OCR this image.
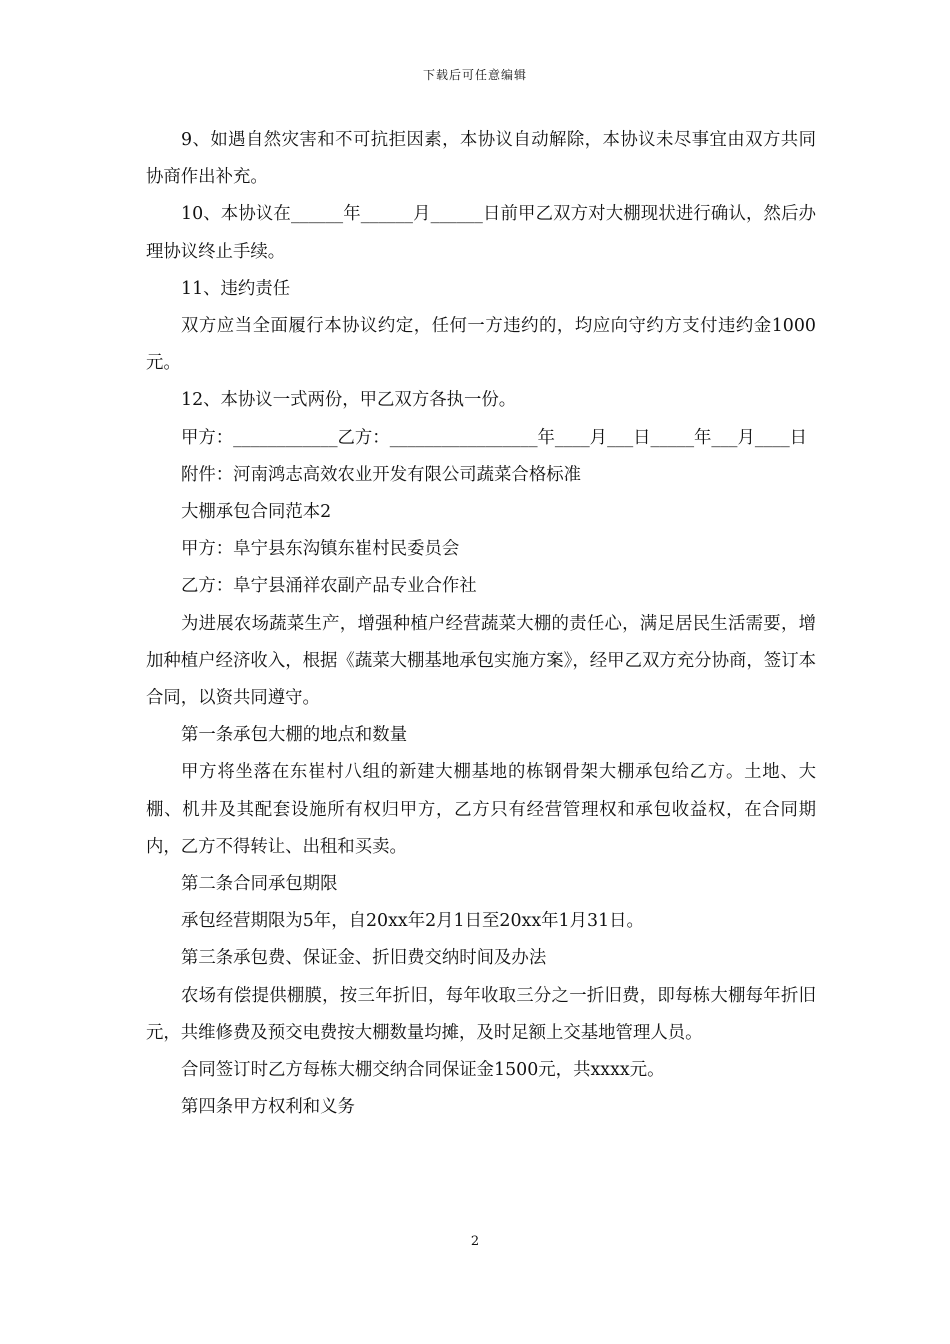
下载后可任意编辑

9、如遇自然灾害和不可抗拒因素，本协议自动解除，本协议未尽事宜由双方共同协商作出补充。

10、本协议在______年______月______日前甲乙双方对大棚现状进行确认，然后办理协议终止手续。

11、违约责任

双方应当全面履行本协议约定，任何一方违约的，均应向守约方支付违约金1000元。

12、本协议一式两份，甲乙双方各执一份。

甲方：____________乙方：_________________年____月___日_____年___月____日

附件：河南鸿志高效农业开发有限公司蔬菜合格标准

大棚承包合同范本2

甲方：阜宁县东沟镇东崔村民委员会

乙方：阜宁县涌祥农副产品专业合作社

为进展农场蔬菜生产，增强种植户经营蔬菜大棚的责任心，满足居民生活需要，增加种植户经济收入，根据《蔬菜大棚基地承包实施方案》，经甲乙双方充分协商，签订本合同，以资共同遵守。

第一条承包大棚的地点和数量

甲方将坐落在东崔村八组的新建大棚基地的栋钢骨架大棚承包给乙方。土地、大棚、机井及其配套设施所有权归甲方，乙方只有经营管理权和承包收益权，在合同期内，乙方不得转让、出租和买卖。

第二条合同承包期限

承包经营期限为5年，自20xx年2月1日至20xx年1月31日。

第三条承包费、保证金、折旧费交纳时间及办法

农场有偿提供棚膜，按三年折旧，每年收取三分之一折旧费，即每栋大棚每年折旧元，共维修费及预交电费按大棚数量均摊，及时足额上交基地管理人员。

合同签订时乙方每栋大棚交纳合同保证金1500元，共xxxx元。

第四条甲方权利和义务

2
